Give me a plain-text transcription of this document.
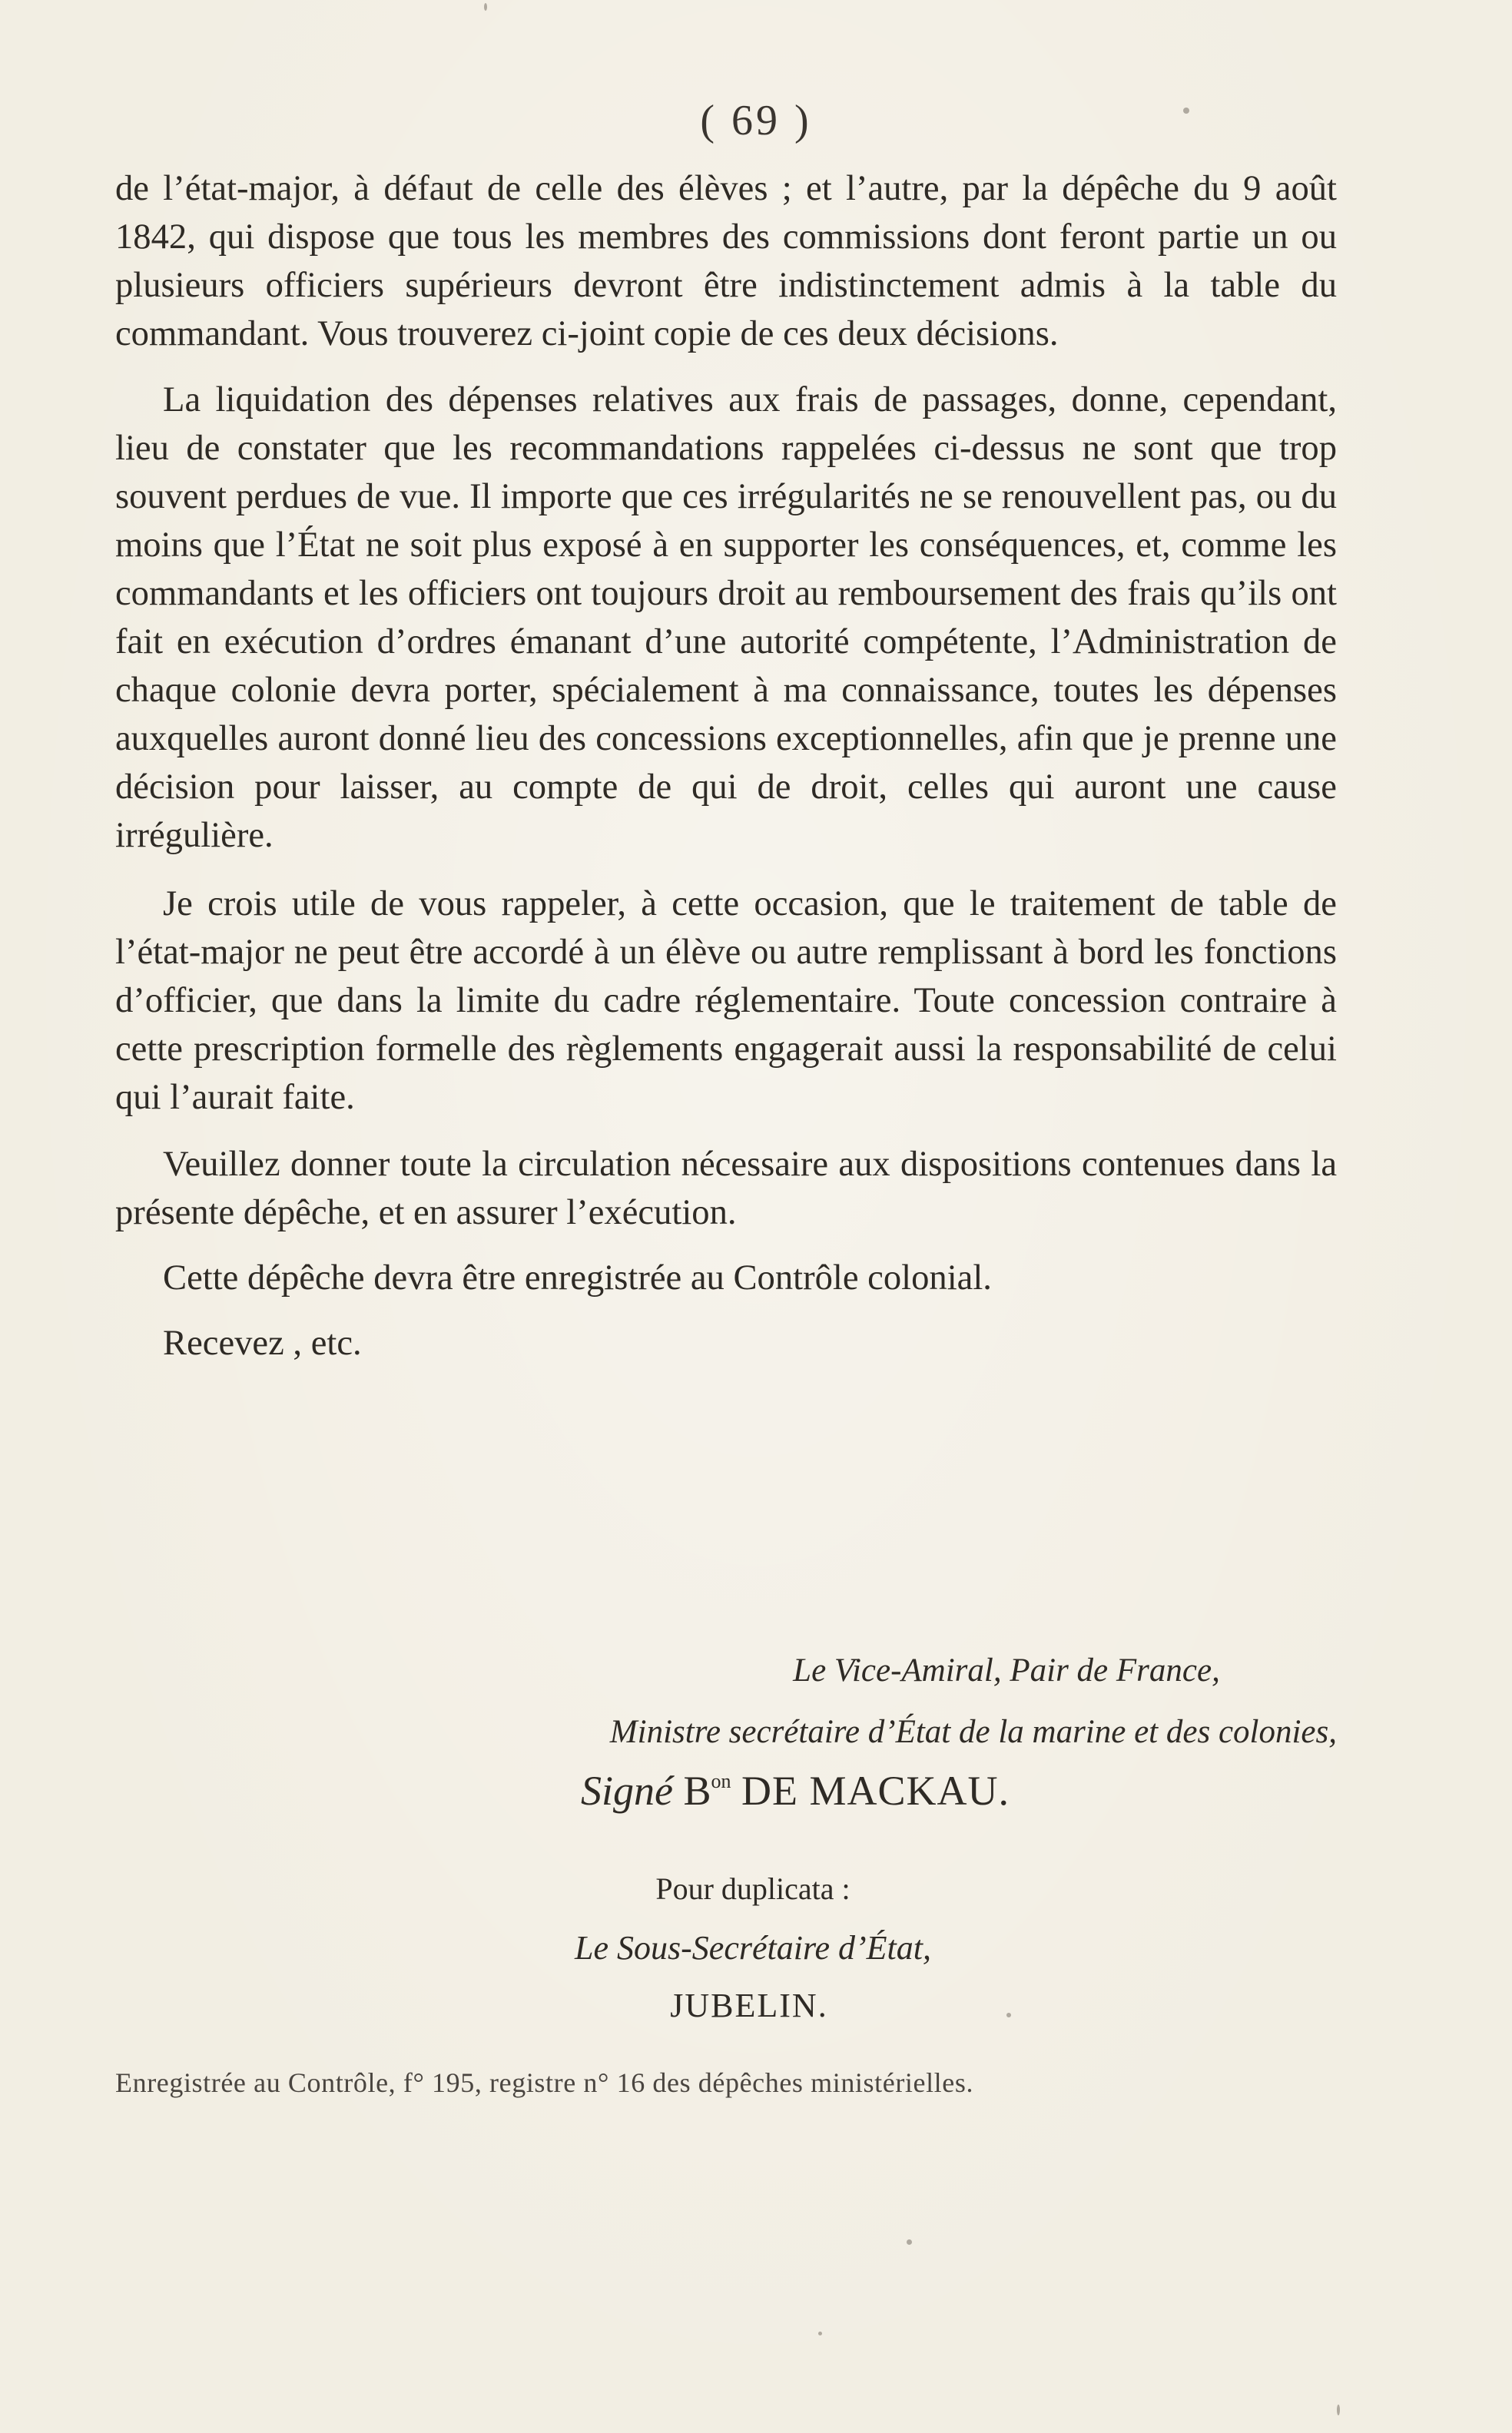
( 69 )

de l’état-major, à défaut de celle des élèves ; et l’autre, par la dépêche du 9 août 1842, qui dispose que tous les membres des commissions dont feront partie un ou plusieurs officiers supérieurs devront être indistinctement admis à la table du commandant. Vous trouverez ci-joint copie de ces deux décisions.

La liquidation des dépenses relatives aux frais de passages, donne, cependant, lieu de constater que les recommandations rappelées ci-dessus ne sont que trop souvent perdues de vue. Il importe que ces irrégularités ne se renouvellent pas, ou du moins que l’État ne soit plus exposé à en supporter les conséquences, et, comme les commandants et les officiers ont toujours droit au remboursement des frais qu’ils ont fait en exécution d’ordres émanant d’une autorité compétente, l’Administration de chaque colonie devra porter, spécialement à ma connaissance, toutes les dépenses auxquelles auront donné lieu des concessions exceptionnelles, afin que je prenne une décision pour laisser, au compte de qui de droit, celles qui auront une cause irrégulière.

Je crois utile de vous rappeler, à cette occasion, que le traitement de table de l’état-major ne peut être accordé à un élève ou autre remplissant à bord les fonctions d’officier, que dans la limite du cadre réglementaire. Toute concession contraire à cette prescription formelle des règlements engagerait aussi la responsabilité de celui qui l’aurait faite.

Veuillez donner toute la circulation nécessaire aux dispositions contenues dans la présente dépêche, et en assurer l’exécution.

Cette dépêche devra être enregistrée au Contrôle colonial.

Recevez , etc.

Le Vice-Amiral, Pair de France,
Ministre secrétaire d’État de la marine et des colonies,
Signé $B^{on}$ DE MACKAU.
Pour duplicata :
Le Sous-Secrétaire d’État,
JUBELIN.
Enregistrée au Contrôle, f° 195, registre n° 16 des dépêches ministérielles.
